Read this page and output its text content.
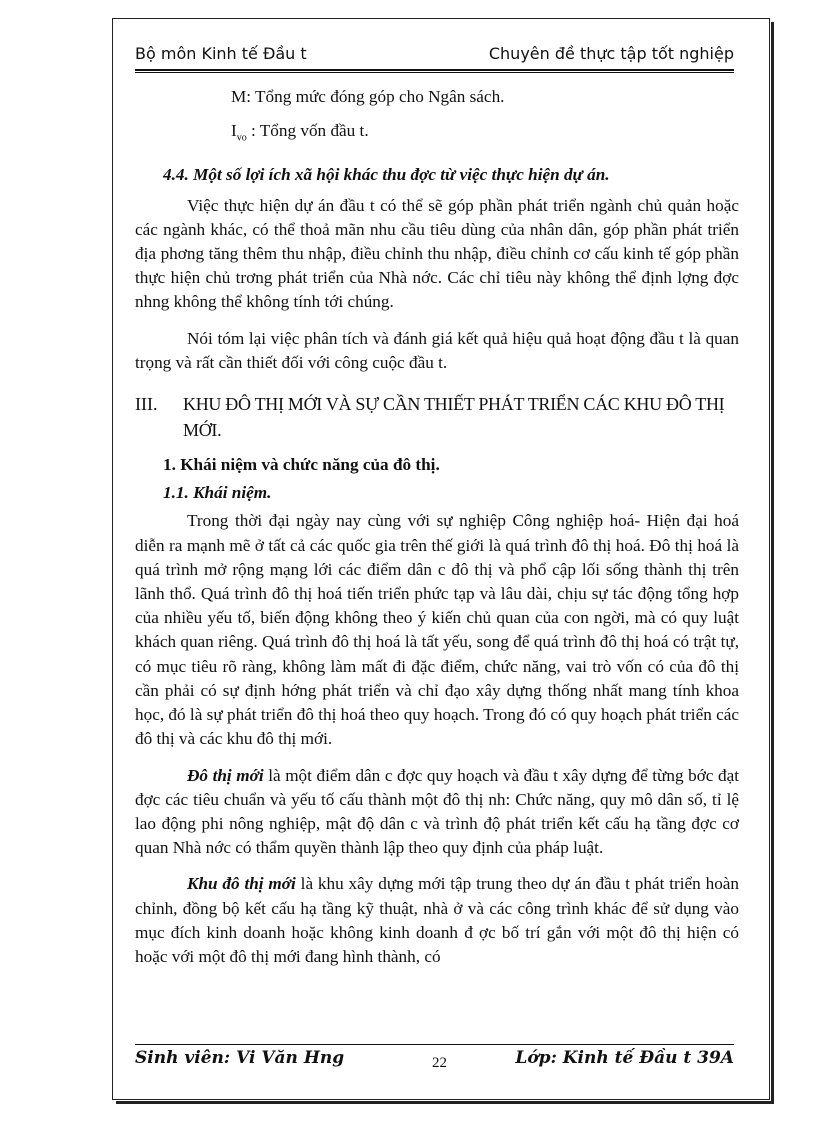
Bộ môn Kinh tế Đầu t	Chuyên đề thực tập tốt nghiệp

M: Tổng mức đóng góp cho Ngân sách.

$I_{vo}$ : Tổng vốn đầu t.

4.4. Một số lợi ích xã hội khác thu đợc từ việc thực hiện dự án.

Việc thực hiện dự án đầu t có thể sẽ góp phần phát triển ngành chủ quản hoặc các ngành khác, có thể thoả mãn nhu cầu tiêu dùng của nhân dân, góp phần phát triển địa phơng tăng thêm thu nhập, điều chỉnh thu nhập, điều chỉnh cơ cấu kinh tế góp phần thực hiện chủ trơng phát triển của Nhà nớc. Các chỉ tiêu này không thể định lợng đợc nhng không thể không tính tới chúng.

Nói tóm lại việc phân tích và đánh giá kết quả hiệu quả hoạt động đầu t là quan trọng và rất cần thiết đối với công cuộc đầu t.

III.	KHU ĐÔ THỊ MỚI VÀ SỰ CẦN THIẾT PHÁT TRIỂN CÁC KHU ĐÔ THỊ MỚI.

1. Khái niệm và chức năng của đô thị.

1.1. Khái niệm.

Trong thời đại ngày nay cùng với sự nghiệp Công nghiệp hoá- Hiện đại hoá diễn ra mạnh mẽ ở tất cả các quốc gia trên thế giới là quá trình đô thị hoá. Đô thị hoá là quá trình mở rộng mạng lới các điểm dân c đô thị và phổ cập lối sống thành thị trên lãnh thổ. Quá trình đô thị hoá tiến triển phức tạp và lâu dài, chịu sự tác động tổng hợp của nhiều yếu tố, biến động không theo ý kiến chủ quan của con ngời, mà có quy luật khách quan riêng. Quá trình đô thị hoá là tất yếu, song để quá trình đô thị hoá có trật tự, có mục tiêu rõ ràng, không làm mất đi đặc điểm, chức năng, vai trò vốn có của đô thị cần phải có sự định hớng phát triển và chỉ đạo xây dựng thống nhất mang tính khoa học, đó là sự phát triển đô thị hoá theo quy hoạch. Trong đó có quy hoạch phát triển các đô thị và các khu đô thị mới.

Đô thị mới là một điểm dân c đợc quy hoạch và đầu t xây dựng để từng bớc đạt đợc các tiêu chuẩn và yếu tố cấu thành một đô thị nh: Chức năng, quy mô dân số, tỉ lệ lao động phi nông nghiệp, mật độ dân c và trình độ phát triển kết cấu hạ tầng đợc cơ quan Nhà nớc có thẩm quyền thành lập theo quy định của pháp luật.

Khu đô thị mới là khu xây dựng mới tập trung theo dự án đầu t phát triển hoàn chỉnh, đồng bộ kết cấu hạ tầng kỹ thuật, nhà ở và các công trình khác để sử dụng vào mục đích kinh doanh hoặc không kinh doanh đ ợc bố trí gắn với một đô thị hiện có hoặc với một đô thị mới đang hình thành, có

Sinh viên: Vi Văn Hng	22	Lớp: Kinh tế Đầu t 39A
